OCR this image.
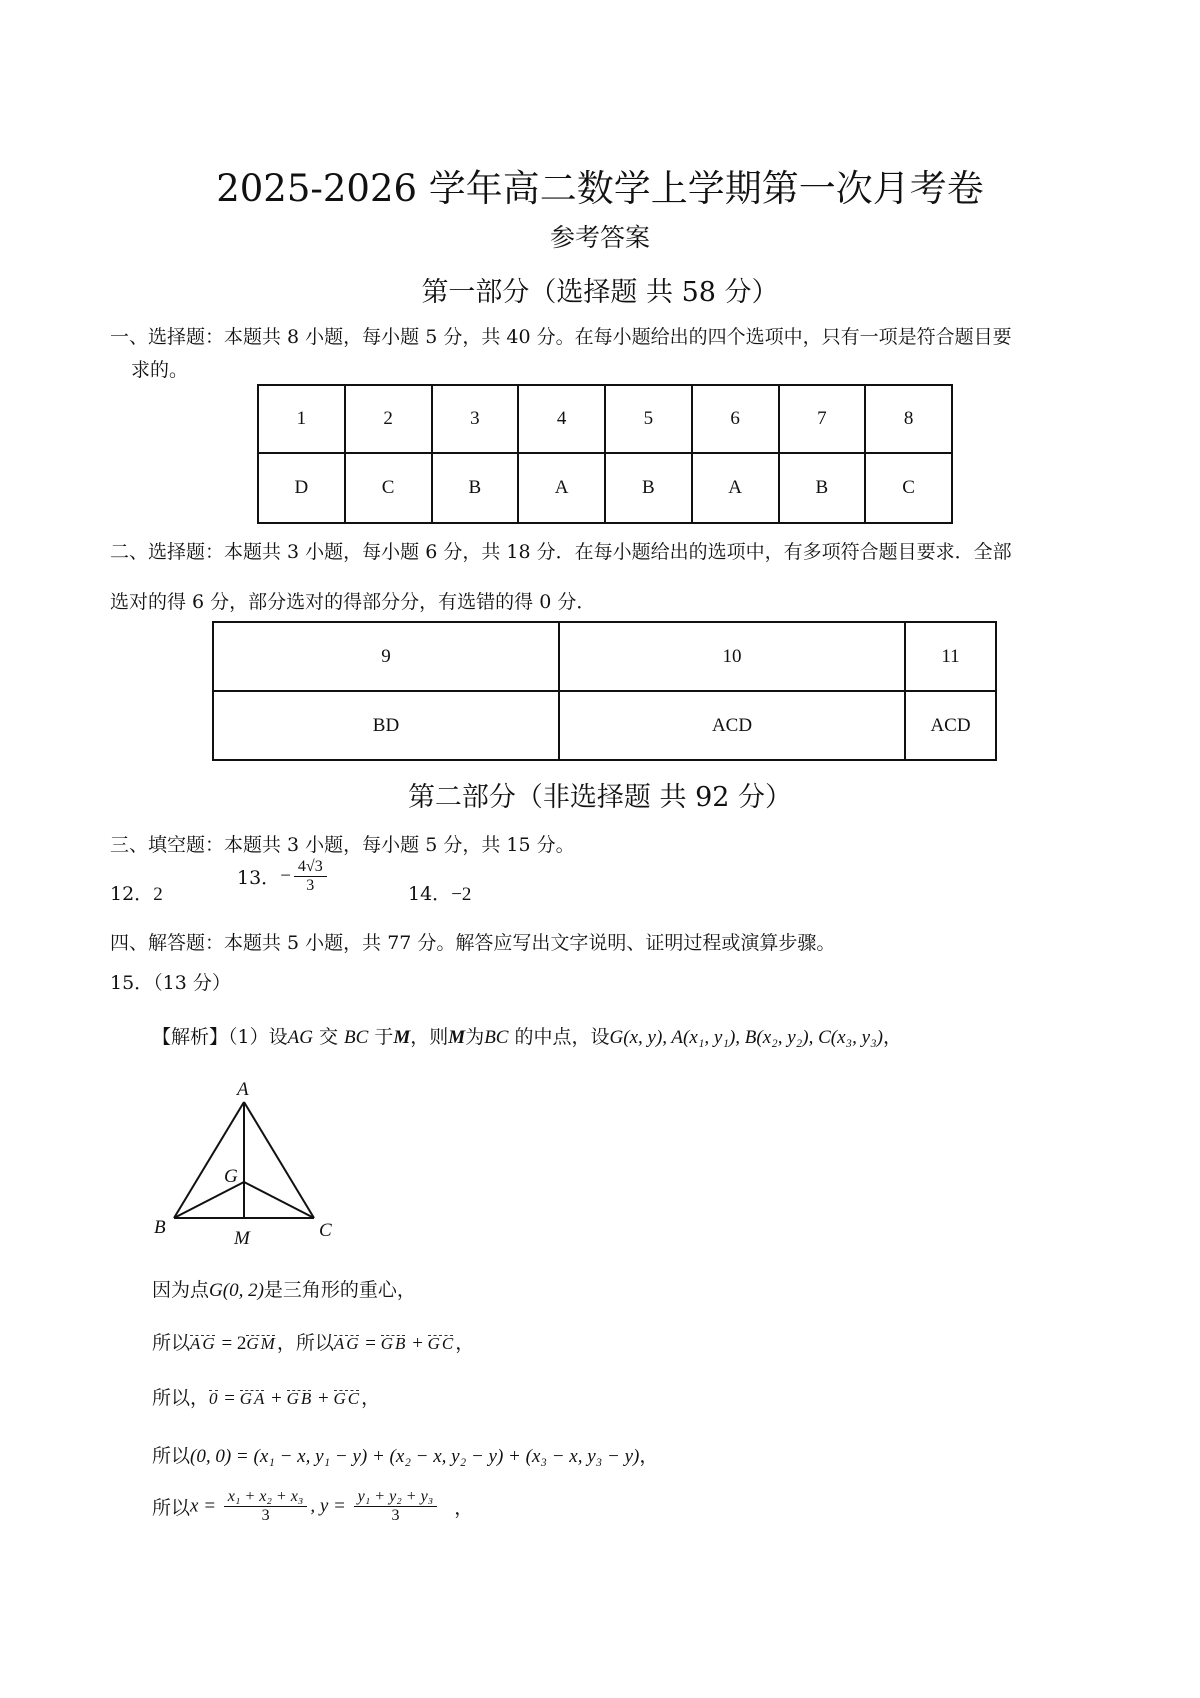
2025-2026 学年高二数学上学期第一次月考卷
参考答案
第一部分（选择题 共 58 分）
一、选择题：本题共 8 小题，每小题 5 分，共 40 分。在每小题给出的四个选项中，只有一项是符合题目要
求的。
1	2	3	4	5	6	7	8
D	C	B	A	B	A	B	C
二、选择题：本题共 3 小题，每小题 6 分，共 18 分．在每小题给出的选项中，有多项符合题目要求．全部
选对的得 6 分，部分选对的得部分分，有选错的得 0 分．
9	10	11
BD	ACD	ACD
第二部分（非选择题 共 92 分）
三、填空题：本题共 3 小题，每小题 5 分，共 15 分。
12．2
13．− $\frac{4√3}{3}$	14．−2
四、解答题：本题共 5 小题，共 77 分。解答应写出文字说明、证明过程或演算步骤。
15．（13 分）
【解析】（1）设AG 交 BC 于M，则M为BC 的中点，设G(x, y), A(x₁, y₁), B(x₂, y₂), C(x₃, y₃)，
A
B	C
G
M
因为点G(0, 2)是三角形的重心，
所以AG = 2GM，所以AG = GB + GC，
所以，0 = GA + GB + GC，
所以(0, 0) = (x₁ − x, y₁ − y) + (x₂ − x, y₂ − y) + (x₃ − x, y₃ − y)，
所以$x = \frac{\text{x₁ + x₂ + x₃}}{3}$ , $y = \frac{\text{y₁ + y₂ + y₃}}{3}$ ，
